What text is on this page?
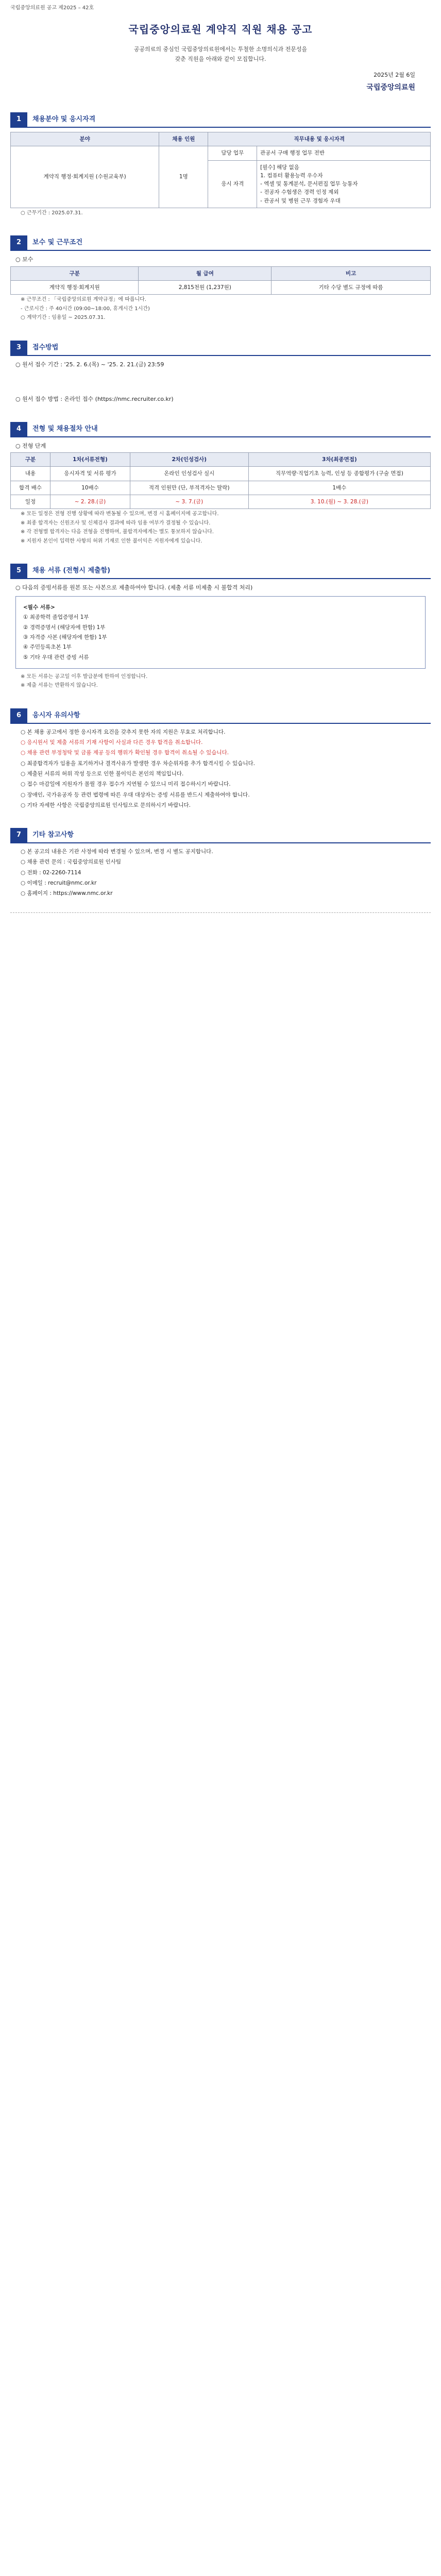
국립중앙의료원 공고 제2025 – 42호
국립중앙의료원 계약직 직원 채용 공고

공공의료의 중심인 국립중앙의료원에서는 투철한 소명의식과 전문성을

갖춘 직원을 아래와 같이 모집합니다.

2025년 2월 6일
국립중앙의료원
1	채용분야 및 응시자격
분야	채용 인원	직무내용 및 응시자격	
계약직 행정·회계지원 (수원교육부)	1명	담당 업무	관공서 구매 행정 업무 전반
		응시 자격	[필수] 해당 없음
1. 컴퓨터 활용능력 우수자
- 엑셀 및 통계분석, 문서편집 업무 능통자
- 전공자 수험생은 경력 인정 제외
- 관공서 및 병원 근무 경험자 우대
○ 근무기간 : 2025.07.31.
2	보수 및 근무조건
○ 보수
구분	월 급여	비고
계약직 행정·회계지원	2,815천원 (1,237원)	기타 수당 별도 규정에 따름
※ 근무조건 : 「국립중앙의료원 계약규정」에 따릅니다.
- 근로시간 : 주 40시간 (09:00~18:00, 휴게시간 1시간)
○ 계약기간 : 임용일 ~ 2025.07.31.
3	접수방법
○ 원서 접수 기간 : '25. 2. 6.(목) ~ '25. 2. 21.(금) 23:59
○ 원서 접수 방법 : 온라인 접수 (https://nmc.recruiter.co.kr)
4	전형 및 채용절차 안내
○ 전형 단계
구분	1차(서류전형)	2차(인성검사)	3차(최종면접)
내용	응시자격 및 서류 평가	온라인 인성검사 실시	직무역량·직업기초 능력, 인성 등 종합평가 (구술 면접)
합격 배수	10배수	적격 인원만 (단, 부적격자는 탈락)	1배수
일정	~ 2. 28.(금)	~ 3. 7.(금)	3. 10.(월) ~ 3. 28.(금)
※ 모든 일정은 전형 진행 상황에 따라 변동될 수 있으며, 변경 시 홈페이지에 공고합니다.
※ 최종 합격자는 신원조사 및 신체검사 결과에 따라 임용 여부가 결정될 수 있습니다.
※ 각 전형별 합격자는 다음 전형을 진행하며, 불합격자에게는 별도 통보하지 않습니다.
※ 지원자 본인이 입력한 사항의 허위 기재로 인한 불이익은 지원자에게 있습니다.
5	채용 서류 (전형시 제출함)
○ 다음의 증빙서류를 원본 또는 사본으로 제출하여야 합니다. (제출 서류 미제출 시 불합격 처리)

<필수 서류>

① 최종학력 졸업증명서 1부

② 경력증명서 (해당자에 한함) 1부

③ 자격증 사본 (해당자에 한함) 1부

④ 주민등록초본 1부

⑤ 기타 우대 관련 증빙 서류

※ 모든 서류는 공고일 이후 발급분에 한하여 인정합니다.
※ 제출 서류는 반환하지 않습니다.
6	응시자 유의사항
○ 본 채용 공고에서 정한 응시자격 요건을 갖추지 못한 자의 지원은 무효로 처리합니다.
○ 응시원서 및 제출 서류의 기재 사항이 사실과 다른 경우 합격을 취소합니다.
○ 채용 관련 부정청탁 및 금품 제공 등의 행위가 확인될 경우 합격이 취소될 수 있습니다.
○ 최종합격자가 임용을 포기하거나 결격사유가 발생한 경우 차순위자를 추가 합격시킬 수 있습니다.
○ 제출된 서류의 허위 작성 등으로 인한 불이익은 본인의 책임입니다.
○ 접수 마감일에 지원자가 몰릴 경우 접수가 지연될 수 있으니 미리 접수하시기 바랍니다.
○ 장애인, 국가유공자 등 관련 법령에 따른 우대 대상자는 증빙 서류를 반드시 제출하여야 합니다.
○ 기타 자세한 사항은 국립중앙의료원 인사팀으로 문의하시기 바랍니다.
7	기타 참고사항
○ 본 공고의 내용은 기관 사정에 따라 변경될 수 있으며, 변경 시 별도 공지합니다.
○ 채용 관련 문의 : 국립중앙의료원 인사팀
○ 전화 : 02-2260-7114
○ 이메일 : recruit@nmc.or.kr
○ 홈페이지 : https://www.nmc.or.kr
